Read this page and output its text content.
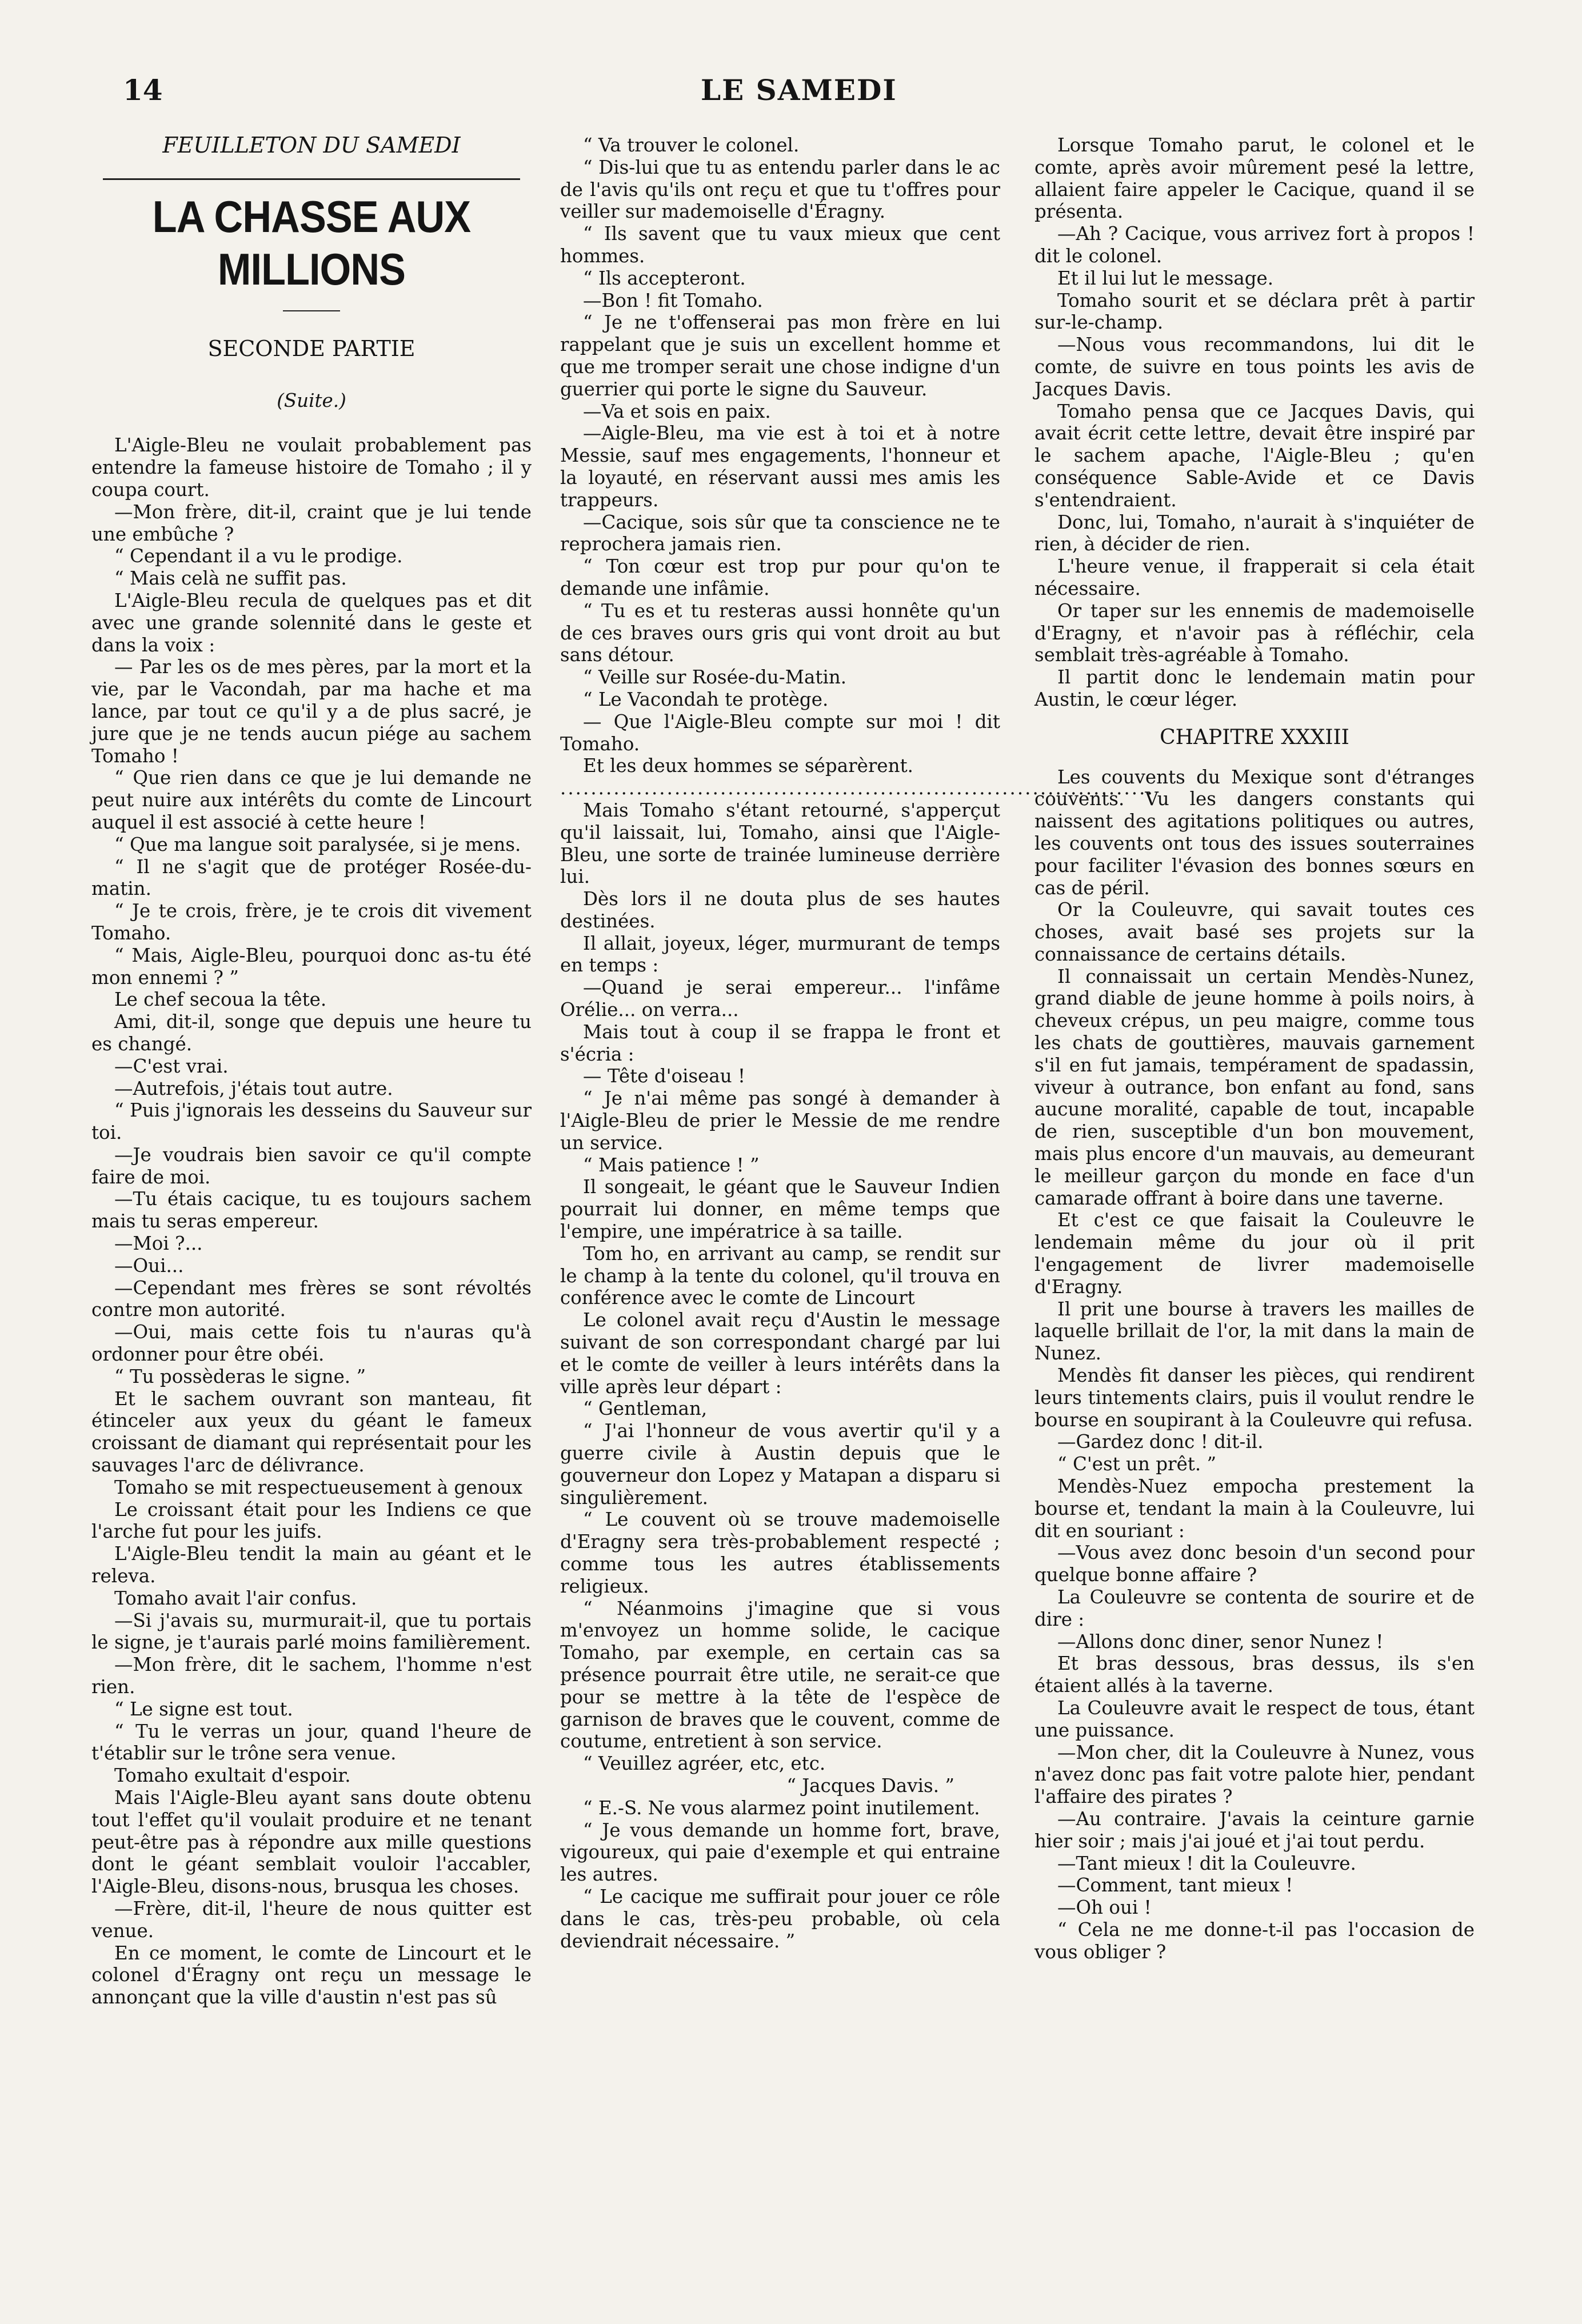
14	LE SAMEDI
FEUILLETON DU SAMEDI
LA CHASSE AUX MILLIONS
SECONDE PARTIE
(Suite.)

L'Aigle-Bleu ne voulait probablement pas entendre la fameuse histoire de Tomaho ; il y coupa court.

—Mon frère, dit-il, craint que je lui tende une embûche ?

“ Cependant il a vu le prodige.

“ Mais celà ne suffit pas.

L'Aigle-Bleu recula de quelques pas et dit avec une grande solennité dans le geste et dans la voix :

— Par les os de mes pères, par la mort et la vie, par le Vacondah, par ma hache et ma lance, par tout ce qu'il y a de plus sacré, je jure que je ne tends aucun piége au sachem Tomaho !

“ Que rien dans ce que je lui demande ne peut nuire aux intérêts du comte de Lincourt auquel il est associé à cette heure !

“ Que ma langue soit paralysée, si je mens.

“ Il ne s'agit que de protéger Rosée-du-matin.

“ Je te crois, frère, je te crois dit vivement Tomaho.

“ Mais, Aigle-Bleu, pourquoi donc as-tu été mon ennemi ? ”

Le chef secoua la tête.

Ami, dit-il, songe que depuis une heure tu es changé.

—C'est vrai.

—Autrefois, j'étais tout autre.

“ Puis j'ignorais les desseins du Sauveur sur toi.

—Je voudrais bien savoir ce qu'il compte faire de moi.

—Tu étais cacique, tu es toujours sachem mais tu seras empereur.

—Moi ?...

—Oui...

—Cependant mes frères se sont révoltés contre mon autorité.

—Oui, mais cette fois tu n'auras qu'à ordonner pour être obéi.

“ Tu possèderas le signe. ”

Et le sachem ouvrant son manteau, fit étinceler aux yeux du géant le fameux croissant de diamant qui représentait pour les sauvages l'arc de délivrance.

Tomaho se mit respectueusement à genoux

Le croissant était pour les Indiens ce que l'arche fut pour les juifs.

L'Aigle-Bleu tendit la main au géant et le releva.

Tomaho avait l'air confus.

—Si j'avais su, murmurait-il, que tu portais le signe, je t'aurais parlé moins familièrement.

—Mon frère, dit le sachem, l'homme n'est rien.

“ Le signe est tout.

“ Tu le verras un jour, quand l'heure de t'établir sur le trône sera venue.

Tomaho exultait d'espoir.

Mais l'Aigle-Bleu ayant sans doute obtenu tout l'effet qu'il voulait produire et ne tenant peut-être pas à répondre aux mille questions dont le géant semblait vouloir l'accabler, l'Aigle-Bleu, disons-nous, brusqua les choses.

—Frère, dit-il, l'heure de nous quitter est venue.

En ce moment, le comte de Lincourt et le colonel d'Éragny ont reçu un message le annonçant que la ville d'austin n'est pas sû

“ Va trouver le colonel.

“ Dis-lui que tu as entendu parler dans le ac de l'avis qu'ils ont reçu et que tu t'offres pour veiller sur mademoiselle d'Éragny.

“ Ils savent que tu vaux mieux que cent hommes.

“ Ils accepteront.

—Bon ! fit Tomaho.

“ Je ne t'offenserai pas mon frère en lui rappelant que je suis un excellent homme et que me tromper serait une chose indigne d'un guerrier qui porte le signe du Sauveur.

—Va et sois en paix.

—Aigle-Bleu, ma vie est à toi et à notre Messie, sauf mes engagements, l'honneur et la loyauté, en réservant aussi mes amis les trappeurs.

—Cacique, sois sûr que ta conscience ne te reprochera jamais rien.

“ Ton cœur est trop pur pour qu'on te demande une infâmie.

“ Tu es et tu resteras aussi honnête qu'un de ces braves ours gris qui vont droit au but sans détour.

“ Veille sur Rosée-du-Matin.

“ Le Vacondah te protège.

— Que l'Aigle-Bleu compte sur moi ! dit Tomaho.

Et les deux hommes se séparèrent.

..............................................................................

Mais Tomaho s'étant retourné, s'apperçut qu'il laissait, lui, Tomaho, ainsi que l'Aigle-Bleu, une sorte de trainée lumineuse derrière lui.

Dès lors il ne douta plus de ses hautes destinées.

Il allait, joyeux, léger, murmurant de temps en temps :

—Quand je serai empereur... l'infâme Orélie... on verra...

Mais tout à coup il se frappa le front et s'écria :

— Tête d'oiseau !

“ Je n'ai même pas songé à demander à l'Aigle-Bleu de prier le Messie de me rendre un service.

“ Mais patience ! ”

Il songeait, le géant que le Sauveur Indien pourrait lui donner, en même temps que l'empire, une impératrice à sa taille.

Tom ho, en arrivant au camp, se rendit sur le champ à la tente du colonel, qu'il trouva en conférence avec le comte de Lincourt

Le colonel avait reçu d'Austin le message suivant de son correspondant chargé par lui et le comte de veiller à leurs intérêts dans la ville après leur départ :

“ Gentleman,

“ J'ai l'honneur de vous avertir qu'il y a guerre civile à Austin depuis que le gouverneur don Lopez y Matapan a disparu si singulièrement.

“ Le couvent où se trouve mademoiselle d'Eragny sera très-probablement respecté ; comme tous les autres établissements religieux.

“ Néanmoins j'imagine que si vous m'envoyez un homme solide, le cacique Tomaho, par exemple, en certain cas sa présence pourrait être utile, ne serait-ce que pour se mettre à la tête de l'espèce de garnison de braves que le couvent, comme de coutume, entretient à son service.

“ Veuillez agréer, etc, etc.

“ Jacques Davis. ”

“ E.-S. Ne vous alarmez point inutilement.

“ Je vous demande un homme fort, brave, vigoureux, qui paie d'exemple et qui entraine les autres.

“ Le cacique me suffirait pour jouer ce rôle dans le cas, très-peu probable, où cela deviendrait nécessaire. ”

Lorsque Tomaho parut, le colonel et le comte, après avoir mûrement pesé la lettre, allaient faire appeler le Cacique, quand il se présenta.

—Ah ? Cacique, vous arrivez fort à propos ! dit le colonel.

Et il lui lut le message.

Tomaho sourit et se déclara prêt à partir sur-le-champ.

—Nous vous recommandons, lui dit le comte, de suivre en tous points les avis de Jacques Davis.

Tomaho pensa que ce Jacques Davis, qui avait écrit cette lettre, devait être inspiré par le sachem apache, l'Aigle-Bleu ; qu'en conséquence Sable-Avide et ce Davis s'entendraient.

Donc, lui, Tomaho, n'aurait à s'inquiéter de rien, à décider de rien.

L'heure venue, il frapperait si cela était nécessaire.

Or taper sur les ennemis de mademoiselle d'Eragny, et n'avoir pas à réfléchir, cela semblait très-agréable à Tomaho.

Il partit donc le lendemain matin pour Austin, le cœur léger.

CHAPITRE XXXIII

Les couvents du Mexique sont d'étranges couvents. Vu les dangers constants qui naissent des agitations politiques ou autres, les couvents ont tous des issues souterraines pour faciliter l'évasion des bonnes sœurs en cas de péril.

Or la Couleuvre, qui savait toutes ces choses, avait basé ses projets sur la connaissance de certains détails.

Il connaissait un certain Mendès-Nunez, grand diable de jeune homme à poils noirs, à cheveux crépus, un peu maigre, comme tous les chats de gouttières, mauvais garnement s'il en fut jamais, tempérament de spadassin, viveur à outrance, bon enfant au fond, sans aucune moralité, capable de tout, incapable de rien, susceptible d'un bon mouvement, mais plus encore d'un mauvais, au demeurant le meilleur garçon du monde en face d'un camarade offrant à boire dans une taverne.

Et c'est ce que faisait la Couleuvre le lendemain même du jour où il prit l'engagement de livrer mademoiselle d'Eragny.

Il prit une bourse à travers les mailles de laquelle brillait de l'or, la mit dans la main de Nunez.

Mendès fit danser les pièces, qui rendirent leurs tintements clairs, puis il voulut rendre le bourse en soupirant à la Couleuvre qui refusa.

—Gardez donc ! dit-il.

“ C'est un prêt. ”

Mendès-Nuez empocha prestement la bourse et, tendant la main à la Couleuvre, lui dit en souriant :

—Vous avez donc besoin d'un second pour quelque bonne affaire ?

La Couleuvre se contenta de sourire et de dire :

—Allons donc diner, senor Nunez !

Et bras dessous, bras dessus, ils s'en étaient allés à la taverne.

La Couleuvre avait le respect de tous, étant une puissance.

—Mon cher, dit la Couleuvre à Nunez, vous n'avez donc pas fait votre palote hier, pendant l'affaire des pirates ?

—Au contraire. J'avais la ceinture garnie hier soir ; mais j'ai joué et j'ai tout perdu.

—Tant mieux ! dit la Couleuvre.

—Comment, tant mieux !

—Oh oui !

“ Cela ne me donne-t-il pas l'occasion de vous obliger ?
